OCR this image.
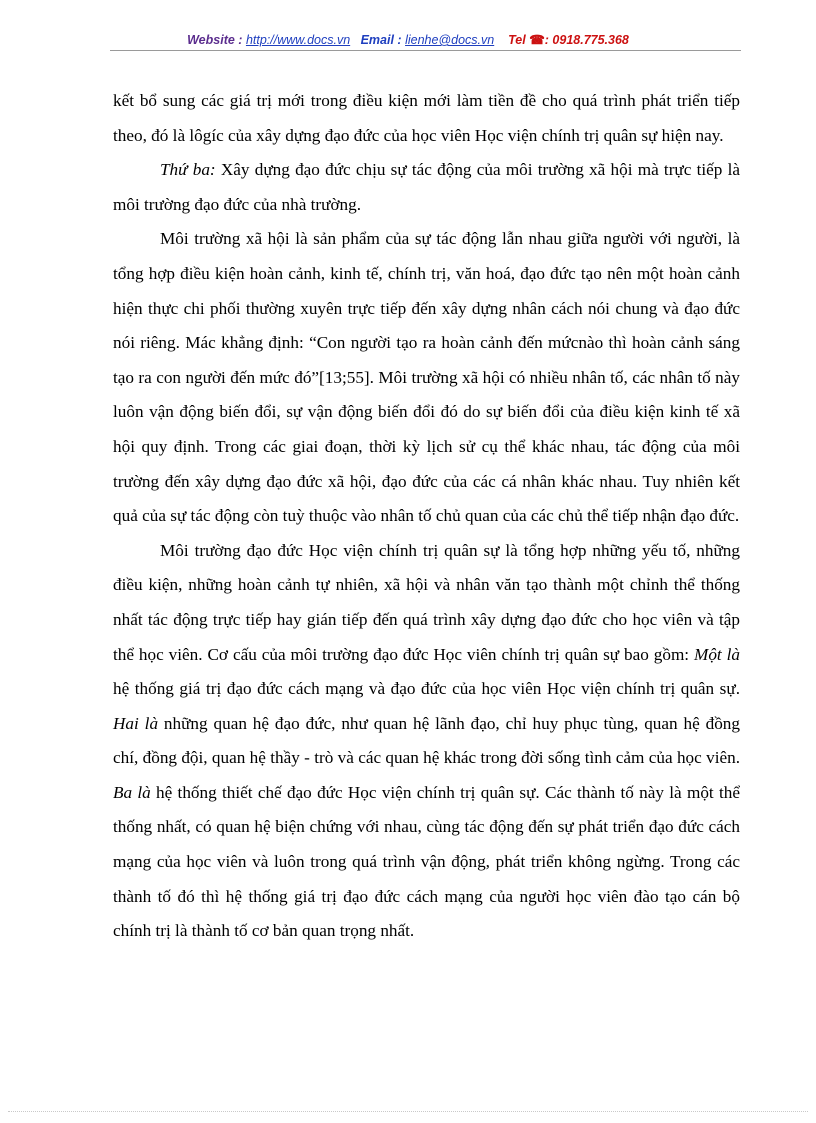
Website : http://www.docs.vn Email : lienhe@docs.vn Tel ☎: 0918.775.368

kết bổ sung các giá trị mới trong điều kiện mới làm tiền đề cho quá trình phát triển tiếp theo, đó là lôgíc của xây dựng đạo đức của học viên Học viện chính trị quân sự hiện nay.

Thứ ba: Xây dựng đạo đức chịu sự tác động của môi trường xã hội mà trực tiếp là môi trường đạo đức của nhà trường.

Môi trường xã hội là sản phẩm của sự tác động lẫn nhau giữa người với người, là tổng hợp điều kiện hoàn cảnh, kinh tế, chính trị, văn hoá, đạo đức tạo nên một hoàn cảnh hiện thực chi phối thường xuyên trực tiếp đến xây dựng nhân cách nói chung và đạo đức nói riêng. Mác khẳng định: “Con người tạo ra hoàn cảnh đến mứcnào thì hoàn cảnh sáng tạo ra con người đến mức đó”[13;55]. Môi trường xã hội có nhiều nhân tố, các nhân tố này luôn vận động biến đổi, sự vận động biến đổi đó do sự biến đổi của điều kiện kinh tế xã hội quy định. Trong các giai đoạn, thời kỳ lịch sử cụ thể khác nhau, tác động của môi trường đến xây dựng đạo đức xã hội, đạo đức của các cá nhân khác nhau. Tuy nhiên kết quả của sự tác động còn tuỳ thuộc vào nhân tố chủ quan của các chủ thể tiếp nhận đạo đức.

Môi trường đạo đức Học viện chính trị quân sự là tổng hợp những yếu tố, những điều kiện, những hoàn cảnh tự nhiên, xã hội và nhân văn tạo thành một chỉnh thể thống nhất tác động trực tiếp hay gián tiếp đến quá trình xây dựng đạo đức cho học viên và tập thể học viên. Cơ cấu của môi trường đạo đức Học viên chính trị quân sự bao gồm: Một là hệ thống giá trị đạo đức cách mạng và đạo đức của học viên Học viện chính trị quân sự. Hai là những quan hệ đạo đức, như quan hệ lãnh đạo, chỉ huy phục tùng, quan hệ đồng chí, đồng đội, quan hệ thầy - trò và các quan hệ khác trong đời sống tình cảm của học viên. Ba là hệ thống thiết chế đạo đức Học viện chính trị quân sự. Các thành tố này là một thể thống nhất, có quan hệ biện chứng với nhau, cùng tác động đến sự phát triển đạo đức cách mạng của học viên và luôn trong quá trình vận động, phát triển không ngừng. Trong các thành tố đó thì hệ thống giá trị đạo đức cách mạng của người học viên đào tạo cán bộ chính trị là thành tố cơ bản quan trọng nhất.
